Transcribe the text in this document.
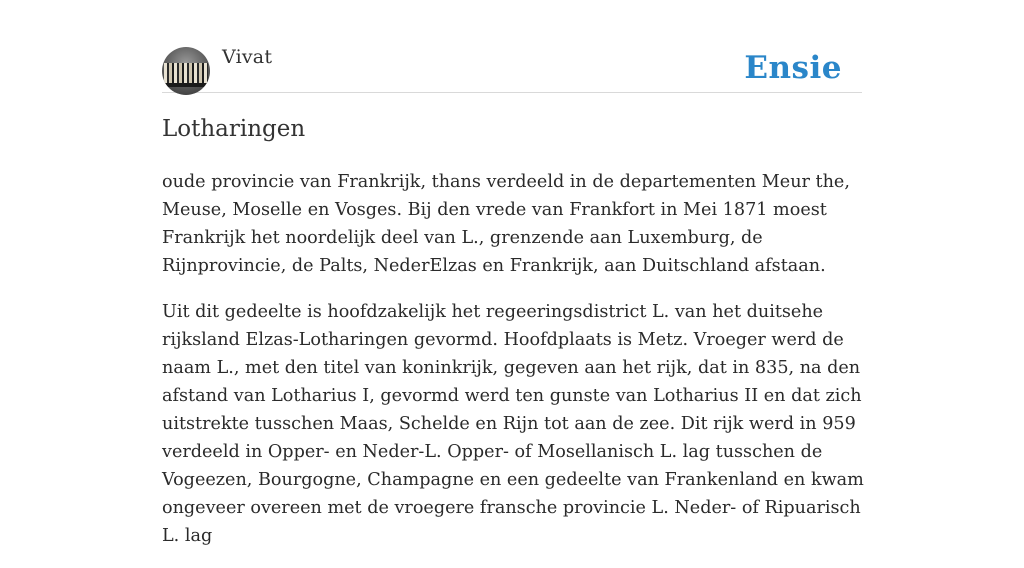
Vivat	Ensie
Lotharingen

oude provincie van Frankrijk, thans verdeeld in de departementen Meur the, Meuse, Moselle en Vosges. Bij den vrede van Frankfort in Mei 1871 moest Frankrijk het noordelijk deel van L., grenzende aan Luxemburg, de Rijnprovincie, de Palts, NederElzas en Frankrijk, aan Duitschland afstaan.

Uit dit gedeelte is hoofdzakelijk het regeeringsdistrict L. van het duitsehe rijksland Elzas-Lotharingen gevormd. Hoofdplaats is Metz. Vroeger werd de naam L., met den titel van koninkrijk, gegeven aan het rijk, dat in 835, na den afstand van Lotharius I, gevormd werd ten gunste van Lotharius II en dat zich uitstrekte tusschen Maas, Schelde en Rijn tot aan de zee. Dit rijk werd in 959 verdeeld in Opper- en Neder-L. Opper- of Mosellanisch L. lag tusschen de Vogeezen, Bourgogne, Champagne en een gedeelte van Frankenland en kwam ongeveer overeen met de vroegere fransche provincie L. Neder- of Ripuarisch L. lag
